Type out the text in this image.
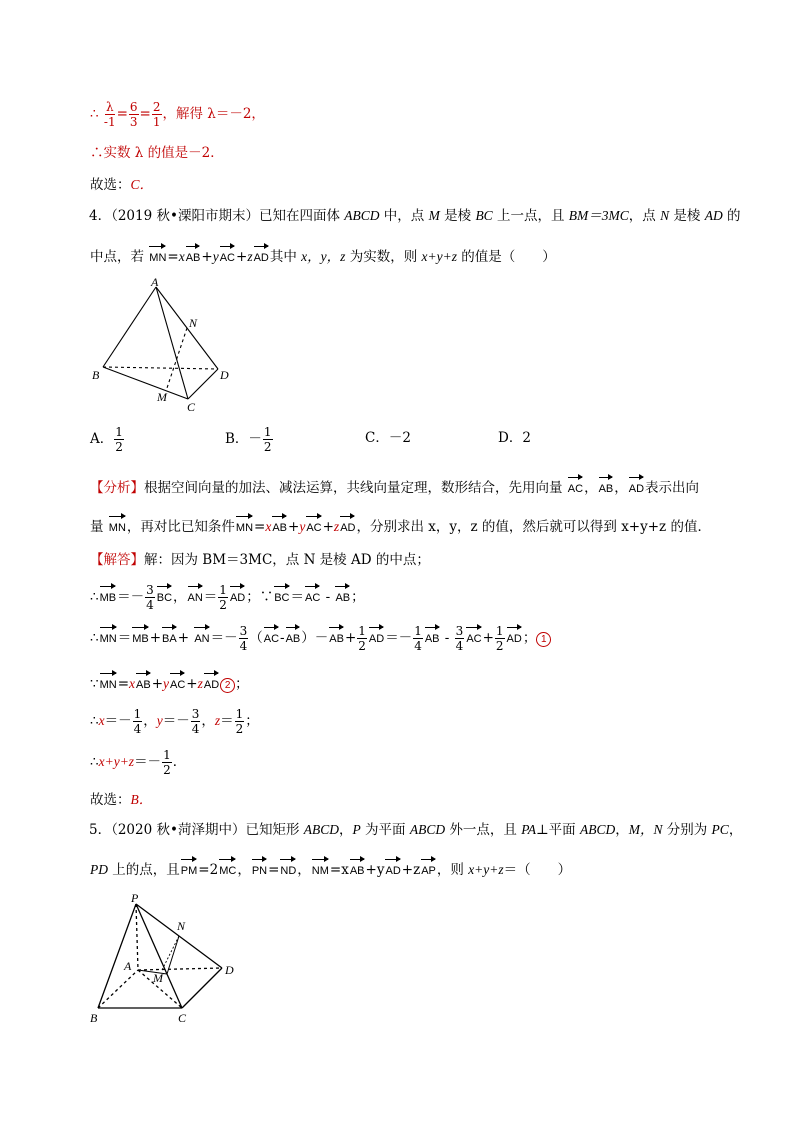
∴ $\frac{\lambda}{-1} = \frac{6}{3} = \frac{2}{1}$ ，解得 λ＝－2，
∴实数 λ 的值是－2．
故选：C．
4．（2019 秋•溧阳市期末）已知在四面体 ABCD 中，点 M 是棱 BC 上一点，且 BM＝3MC，点 N 是棱 AD 的
中点，若 MN=xAB+yAC+zAD其中 x，y，z 为实数，则 x+y+z 的值是（　　）
A
N
B	D
M
C
A． $\frac{1}{2}$	B．－ $\frac{1}{2}$	C．－2	D．2
【分析】根据空间向量的加法、减法运算，共线向量定理，数形结合，先用向量 AC，AB，AD表示出向
量 MN，再对比已知条件MN=xAB+yAC+zAD，分别求出 x，y，z 的值，然后就可以得到 x+y+z 的值．
【解答】解：因为 BM＝3MC，点 N 是棱 AD 的中点；
∴MB＝－ $\frac{3}{4}$ BC，$AN= \frac{1}{2}$ AD；∵BC＝AC - AB；
∴MN＝MB+BA+ $AN=- \frac{3}{4} (AC-AB)-AB+ \frac{1}{2} AD=- \frac{1}{4}$ AB - $\frac{3}{4} AC+ \frac{1}{2}$ AD； 1
∵MN=xAB+yAC+zAD 2 ；
∴x＝－ $\frac{1}{4}$ ，$y=- \frac{3}{4}$ ，$z= \frac{1}{2}$ ；
∴x+y+z＝－ $\frac{1}{2}$ ．
故选：B．
5．（2020 秋•菏泽期中）已知矩形 ABCD，P 为平面 ABCD 外一点，且 PA⊥平面 ABCD，M，N 分别为 PC，
PD 上的点，且PM=2MC，PN=ND，NM=xAB+yAD+zAP，则 x+y+z＝（　　）
P
N
A
M
D
B	C
